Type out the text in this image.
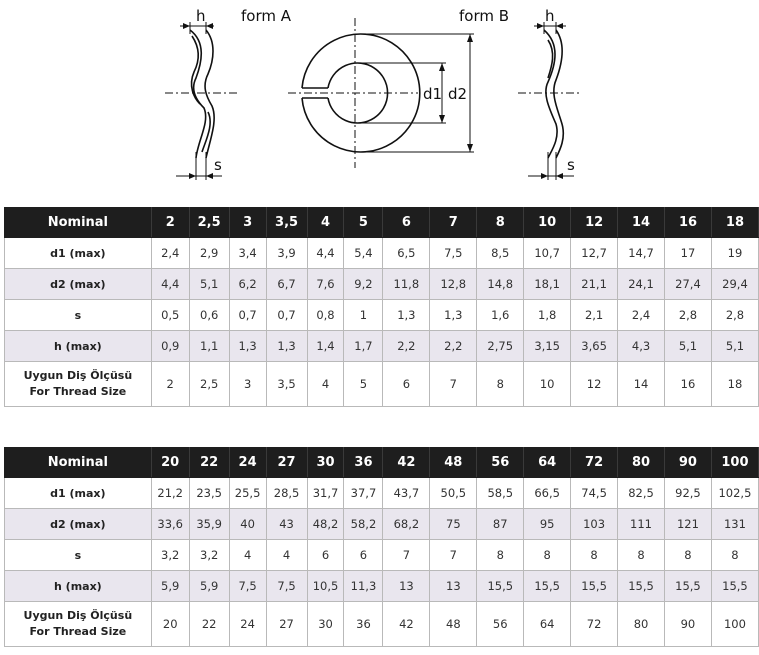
h form A	form B h
s	s
d1 d2
Nominal	2	2,5	3	3,5	4	5	6	7	8	10	12	14	16	18
d1 (max)	2,4	2,9	3,4	3,9	4,4	5,4	6,5	7,5	8,5	10,7	12,7	14,7	17	19
d2 (max)	4,4	5,1	6,2	6,7	7,6	9,2	11,8	12,8	14,8	18,1	21,1	24,1	27,4	29,4
s	0,5	0,6	0,7	0,7	0,8	1	1,3	1,3	1,6	1,8	2,1	2,4	2,8	2,8
h (max)	0,9	1,1	1,3	1,3	1,4	1,7	2,2	2,2	2,75	3,15	3,65	4,3	5,1	5,1

Uygun Diş Ölçüsü
For Thread Size	2	2,5	3	3,5	4	5	6	7	8	10	12	14	16	18
Nominal	20	22	24	27	30	36	42	48	56	64	72	80	90	100
d1 (max)	21,2	23,5	25,5	28,5	31,7	37,7	43,7	50,5	58,5	66,5	74,5	82,5	92,5	102,5
d2 (max)	33,6	35,9	40	43	48,2	58,2	68,2	75	87	95	103	111	121	131
s	3,2	3,2	4	4	6	6	7	7	8	8	8	8	8	8
h (max)	5,9	5,9	7,5	7,5	10,5	11,3	13	13	15,5	15,5	15,5	15,5	15,5	15,5

Uygun Diş Ölçüsü
For Thread Size	20	22	24	27	30	36	42	48	56	64	72	80	90	100
